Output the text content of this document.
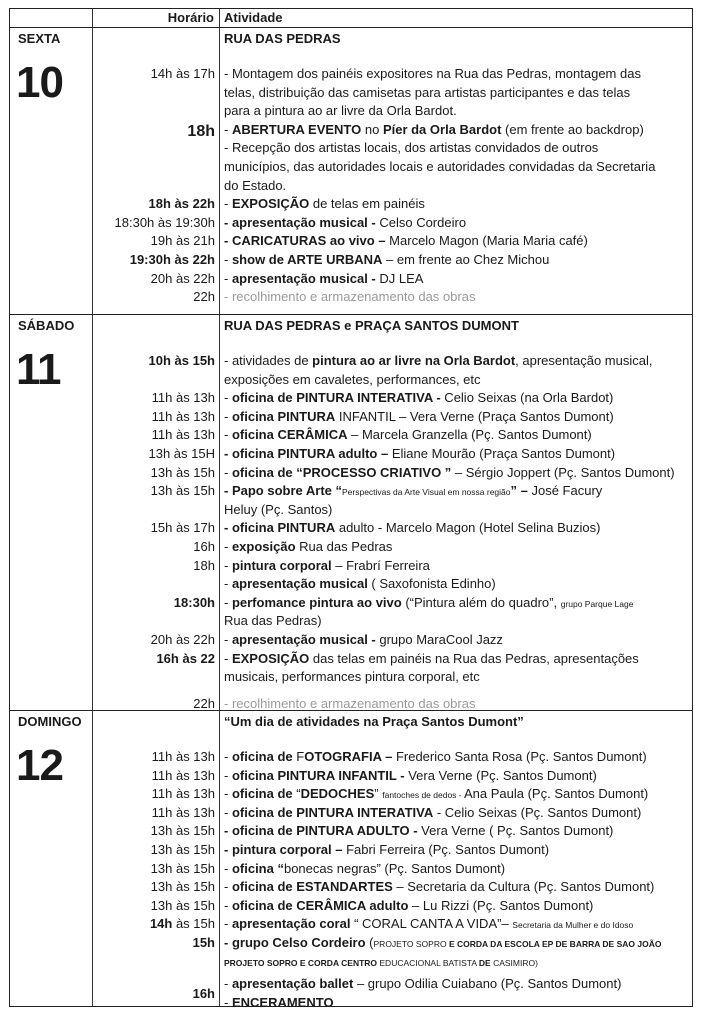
Horário Atividade
SEXTA
10
RUA DAS PEDRAS
14h às 17h - Montagem dos painéis expositores na Rua das Pedras, montagem das
telas, distribuição das camisetas para artistas participantes e das telas
para a pintura ao ar livre da Orla Bardot.
18h - ABERTURA EVENTO no Píer da Orla Bardot (em frente ao backdrop)
- Recepção dos artistas locais, dos artistas convidados de outros
municípios, das autoridades locais e autoridades convidadas da Secretaria
do Estado.
18h às 22h - EXPOSIÇÃO de telas em painéis
18:30h às 19:30h - apresentação musical - Celso Cordeiro
19h às 21h - CARICATURAS ao vivo – Marcelo Magon (Maria Maria café)
19:30h às 22h - show de ARTE URBANA – em frente ao Chez Michou
20h às 22h - apresentação musical - DJ LEA
22h - recolhimento e armazenamento das obras
SÁBADO
11
RUA DAS PEDRAS e PRAÇA SANTOS DUMONT
10h às 15h - atividades de pintura ao ar livre na Orla Bardot, apresentação musical,
exposições em cavaletes, performances, etc
11h às 13h - oficina de PINTURA INTERATIVA - Celio Seixas (na Orla Bardot)
11h às 13h - oficina PINTURA INFANTIL – Vera Verne (Praça Santos Dumont)
11h às 13h - oficina CERÂMICA – Marcela Granzella (Pç. Santos Dumont)
13h às 15H - oficina PINTURA adulto – Eliane Mourão (Praça Santos Dumont)
13h às 15h - oficina de “PROCESSO CRIATIVO ” – Sérgio Joppert (Pç. Santos Dumont)
13h às 15h - Papo sobre Arte “Perspectivas da Arte Visual em nossa região” – José Facury
Heluy (Pç. Santos)
15h às 17h - oficina PINTURA adulto - Marcelo Magon (Hotel Selina Buzios)
16h - exposição Rua das Pedras
18h - pintura corporal – Frabrí Ferreira
- apresentação musical ( Saxofonista Edinho)
18:30h - perfomance pintura ao vivo (“Pintura além do quadro”, grupo Parque Lage
Rua das Pedras)
20h às 22h - apresentação musical - grupo MaraCool Jazz
16h às 22 - EXPOSIÇÃO das telas em painéis na Rua das Pedras, apresentações
musicais, performances pintura corporal, etc
22h - recolhimento e armazenamento das obras
DOMINGO
12
“Um dia de atividades na Praça Santos Dumont”
11h às 13h - oficina de FOTOGRAFIA – Frederico Santa Rosa (Pç. Santos Dumont)
11h às 13h - oficina PINTURA INFANTIL - Vera Verne (Pç. Santos Dumont)
11h às 13h - oficina de “DEDOCHES” fantoches de dedos - Ana Paula (Pç. Santos Dumont)
11h às 13h - oficina de PINTURA INTERATIVA - Celio Seixas (Pç. Santos Dumont)
13h às 15h - oficina de PINTURA ADULTO - Vera Verne ( Pç. Santos Dumont)
13h às 15h - pintura corporal – Fabri Ferreira (Pç. Santos Dumont)
13h às 15h - oficina “bonecas negras” (Pç. Santos Dumont)
13h às 15h - oficina de ESTANDARTES – Secretaria da Cultura (Pç. Santos Dumont)
13h às 15h - oficina de CERÂMICA adulto – Lu Rizzi (Pç. Santos Dumont)
14h às 15h - apresentação coral “ CORAL CANTA A VIDA”– Secretaria da Mulher e do Idoso
15h - grupo Celso Cordeiro (PROJETO SOPRO E CORDA DA ESCOLA EP DE BARRA DE SAO JOÃO
PROJETO SOPRO E CORDA CENTRO EDUCACIONAL BATISTA DE CASIMIRO)
16h
- apresentação ballet – grupo Odilia Cuiabano (Pç. Santos Dumont)
- ENCERAMENTO
